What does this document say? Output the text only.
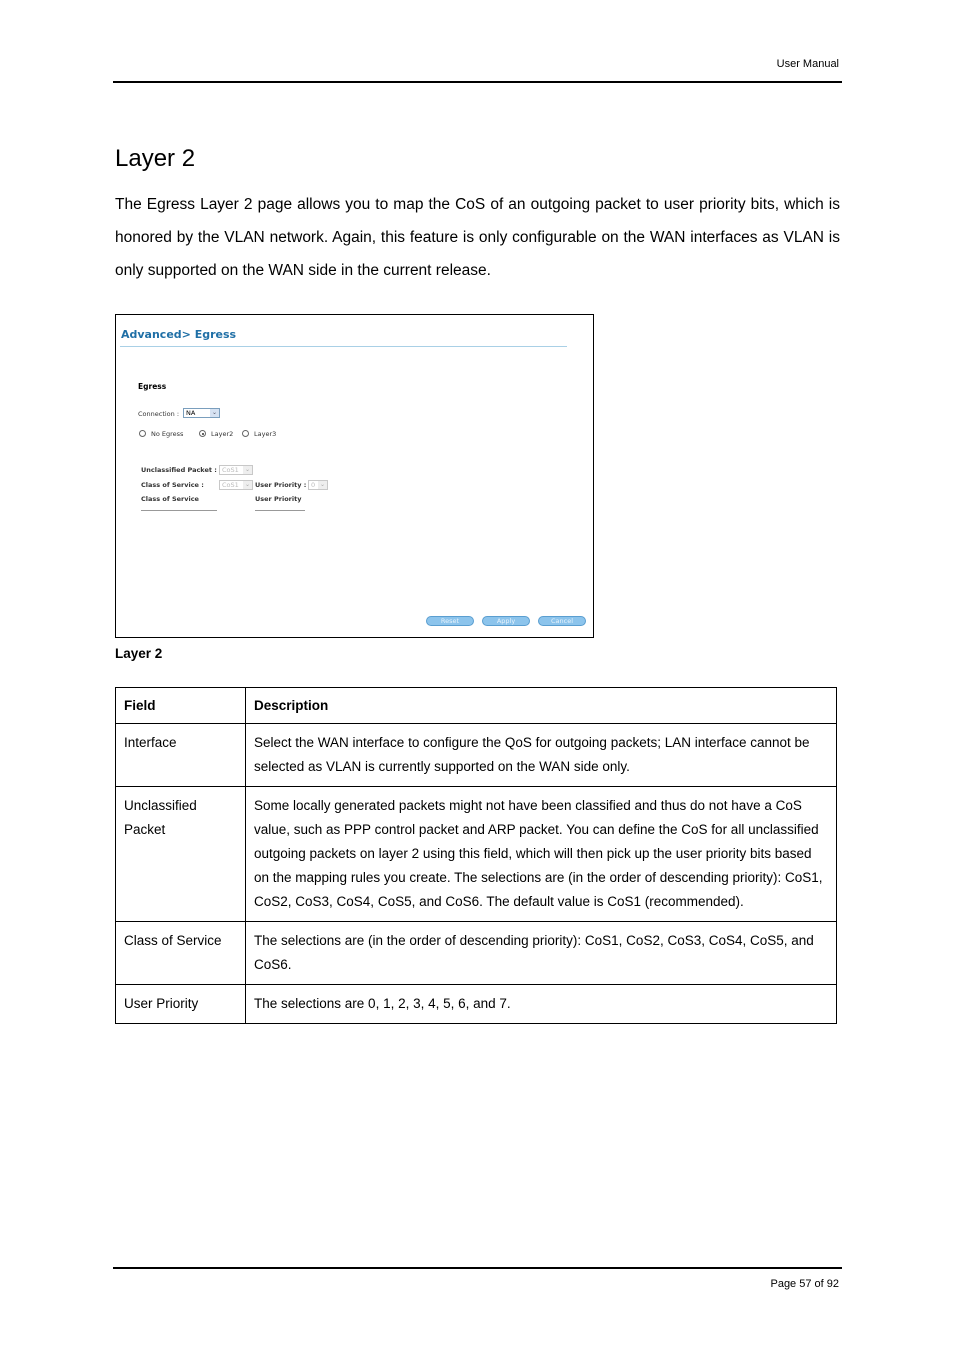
User Manual
Layer 2

The Egress Layer 2 page allows you to map the CoS of an outgoing packet to user priority bits, which is honored by the VLAN network. Again, this feature is only configurable on the WAN interfaces as VLAN is only supported on the WAN side in the current release.

Advanced> Egress
Egress
Connection :	NA	⌄
No Egress	Layer2	Layer3
Unclassified Packet : CoS1	⌄
Class of Service :	CoS1	⌄ User Priority : 0 ⌄
Class of Service	User Priority
Reset	Apply	Cancel
Layer 2
Field	Description
Interface	Select the WAN interface to configure the QoS for outgoing packets; LAN interface cannot be selected as VLAN is currently supported on the WAN side only.
Unclassified Packet	Some locally generated packets might not have been classified and thus do not have a CoS value, such as PPP control packet and ARP packet. You can define the CoS for all unclassified outgoing packets on layer 2 using this field, which will then pick up the user priority bits based on the mapping rules you create. The selections are (in the order of descending priority): CoS1, CoS2, CoS3, CoS4, CoS5, and CoS6. The default value is CoS1 (recommended).
Class of Service	The selections are (in the order of descending priority): CoS1, CoS2, CoS3, CoS4, CoS5, and CoS6.
User Priority	The selections are 0, 1, 2, 3, 4, 5, 6, and 7.
Page 57 of 92
